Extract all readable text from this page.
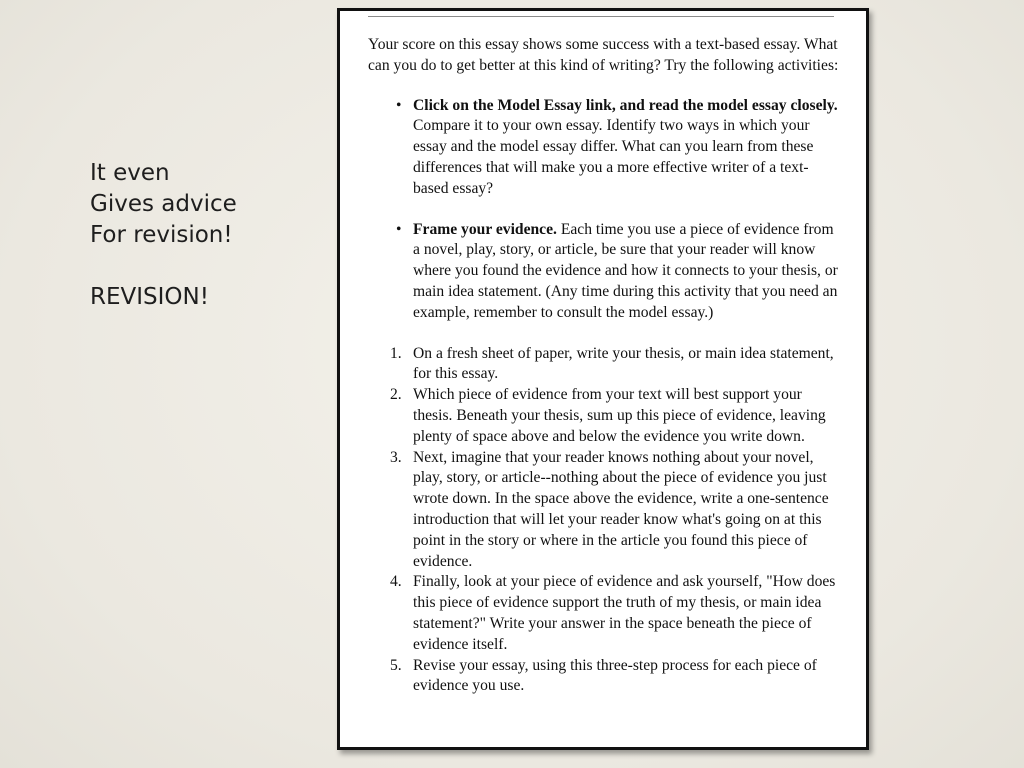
It even
Gives advice
For revision!
REVISION!

Your score on this essay shows some success with a text-based essay. What can you do to get better at this kind of writing? Try the following activities:

• Click on the Model Essay link, and read the model essay closely. Compare it to your own essay. Identify two ways in which your essay and the model essay differ. What can you learn from these differences that will make you a more effective writer of a text-based essay?
• Frame your evidence. Each time you use a piece of evidence from a novel, play, story, or article, be sure that your reader will know where you found the evidence and how it connects to your thesis, or main idea statement. (Any time during this activity that you need an example, remember to consult the model essay.)
1. On a fresh sheet of paper, write your thesis, or main idea statement, for this essay.
2. Which piece of evidence from your text will best support your thesis. Beneath your thesis, sum up this piece of evidence, leaving plenty of space above and below the evidence you write down.
3. Next, imagine that your reader knows nothing about your novel, play, story, or article--nothing about the piece of evidence you just wrote down. In the space above the evidence, write a one-sentence introduction that will let your reader know what's going on at this point in the story or where in the article you found this piece of evidence.
4. Finally, look at your piece of evidence and ask yourself, "How does this piece of evidence support the truth of my thesis, or main idea statement?" Write your answer in the space beneath the piece of evidence itself.
5. Revise your essay, using this three-step process for each piece of evidence you use.
